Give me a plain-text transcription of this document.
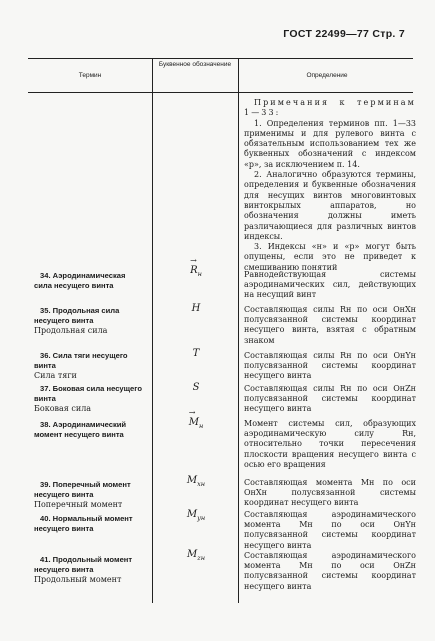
ГОСТ 22499—77 Стр. 7
Термин
Буквенное обозначение
Определение

Примечания к терминам 1—33:

1. Определения терминов пп. 1—33 применимы и для рулевого винта с обязательным использованием тех же буквенных обозначений с индексом «р», за исключением п. 14.

2. Аналогично образуются термины, определения и буквенные обозначения для несущих винтов многовинтовых винтокрылых аппаратов, но обозначения должны иметь различающиеся для различных винтов индексы.

3. Индексы «н» и «р» могут быть опущены, если это не приведет к смешиванию понятий

34. Аэродинамическая
сила несущего винта
→
$R_н$	Равнодействующая системы аэродинамических сил, действующих на несущий винт
35. Продольная сила
несущего винта
Продольная сила
H	Составляющая силы Rн по оси OнXн полусвязанной системы координат несущего винта, взятая с обратным знаком
36. Сила тяги несущего
винта
Сила тяги
T	Составляющая силы Rн по оси OнYн полусвязанной системы координат несущего винта
37. Боковая сила несущего
винта
Боковая сила
S	Составляющая силы Rн по оси OнZн полусвязанной системы координат несущего винта
38. Аэродинамический
момент несущего винта
→
$M_н$	Момент системы сил, образующих аэродинамическую силу Rн, относительно точки пересечения плоскости вращения несущего винта с осью его вращения
39. Поперечный момент
несущего винта
Поперечный момент
$M_{xн}$	Составляющая момента Mн по оси OнXн полусвязанной системы координат несущего винта
40. Нормальный момент
несущего винта
$M_{yн}$	Составляющая аэродинамического момента Mн по оси OнYн полусвязанной системы координат несущего винта
41. Продольный момент
несущего винта
Продольный момент
$M_{zн}$	Составляющая аэродинамического момента Mн по оси OнZн полусвязанной системы координат несущего винта
